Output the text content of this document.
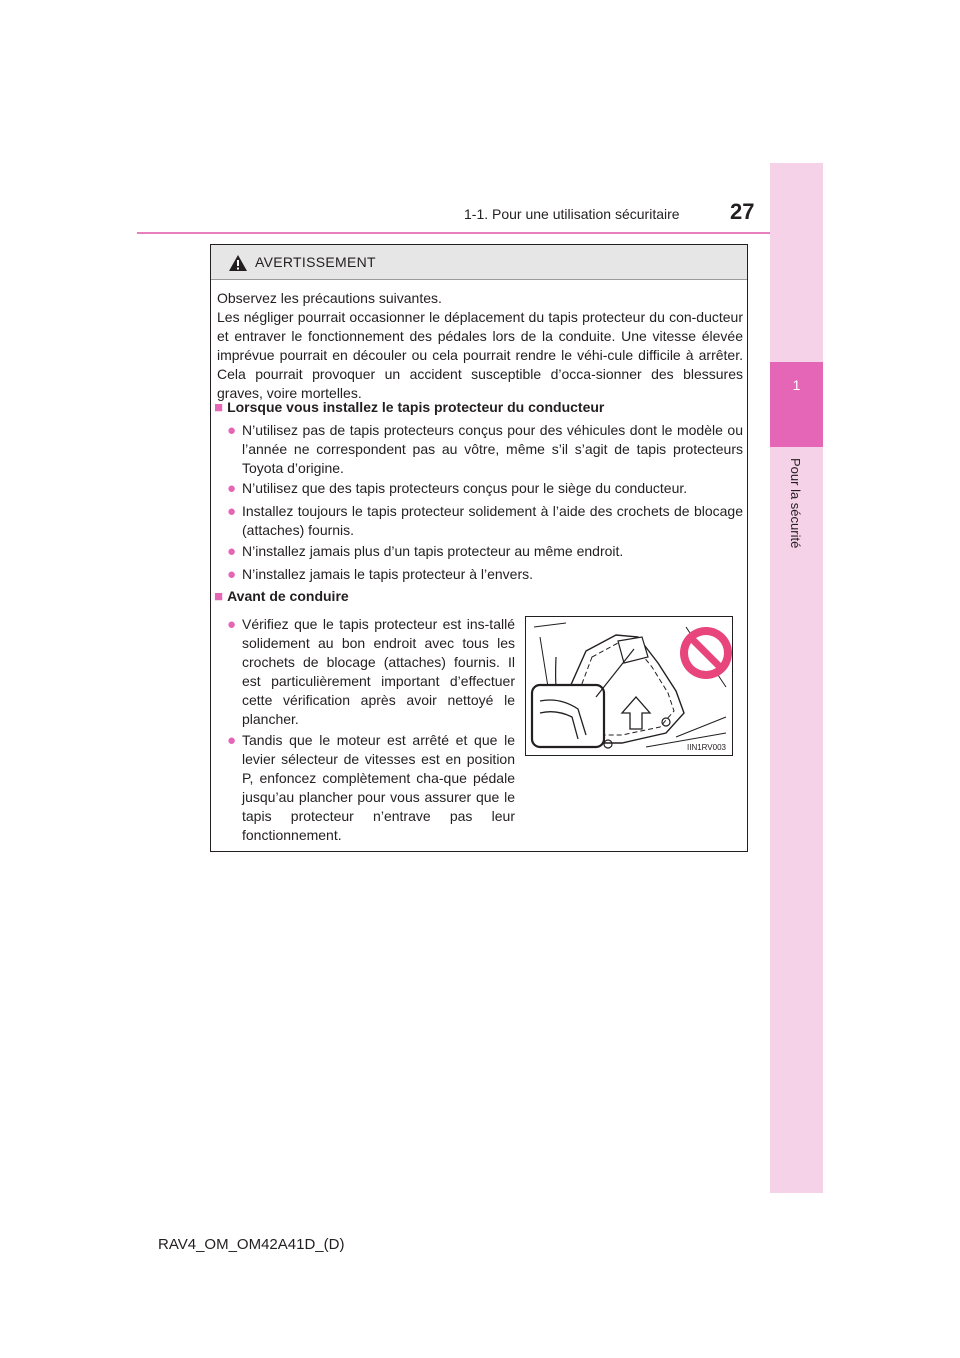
1-1. Pour une utilisation sécuritaire 27
1
Pour la sécurité
AVERTISSEMENT
Observez les précautions suivantes.
Les négliger pourrait occasionner le déplacement du tapis protecteur du con-ducteur et entraver le fonctionnement des pédales lors de la conduite. Une vitesse élevée imprévue pourrait en découler ou cela pourrait rendre le véhi-cule difficile à arrêter. Cela pourrait provoquer un accident susceptible d’occa-sionner des blessures graves, voire mortelles.
■ Lorsque vous installez le tapis protecteur du conducteur
● N’utilisez pas de tapis protecteurs conçus pour des véhicules dont le modèle ou l’année ne correspondent pas au vôtre, même s’il s’agit de tapis protecteurs Toyota d’origine.
● N’utilisez que des tapis protecteurs conçus pour le siège du conducteur.
● Installez toujours le tapis protecteur solidement à l’aide des crochets de blocage (attaches) fournis.
● N’installez jamais plus d’un tapis protecteur au même endroit.
● N’installez jamais le tapis protecteur à l’envers.
■ Avant de conduire
● Vérifiez que le tapis protecteur est ins-tallé solidement au bon endroit avec tous les crochets de blocage (attaches) fournis. Il est particulièrement important d’effectuer cette vérification après avoir nettoyé le plancher.
● Tandis que le moteur est arrêté et que le levier sélecteur de vitesses est en position P, enfoncez complètement cha-que pédale jusqu’au plancher pour vous assurer que le tapis protecteur n’entrave pas leur fonctionnement.
IIN1RV003
RAV4_OM_OM42A41D_(D)
